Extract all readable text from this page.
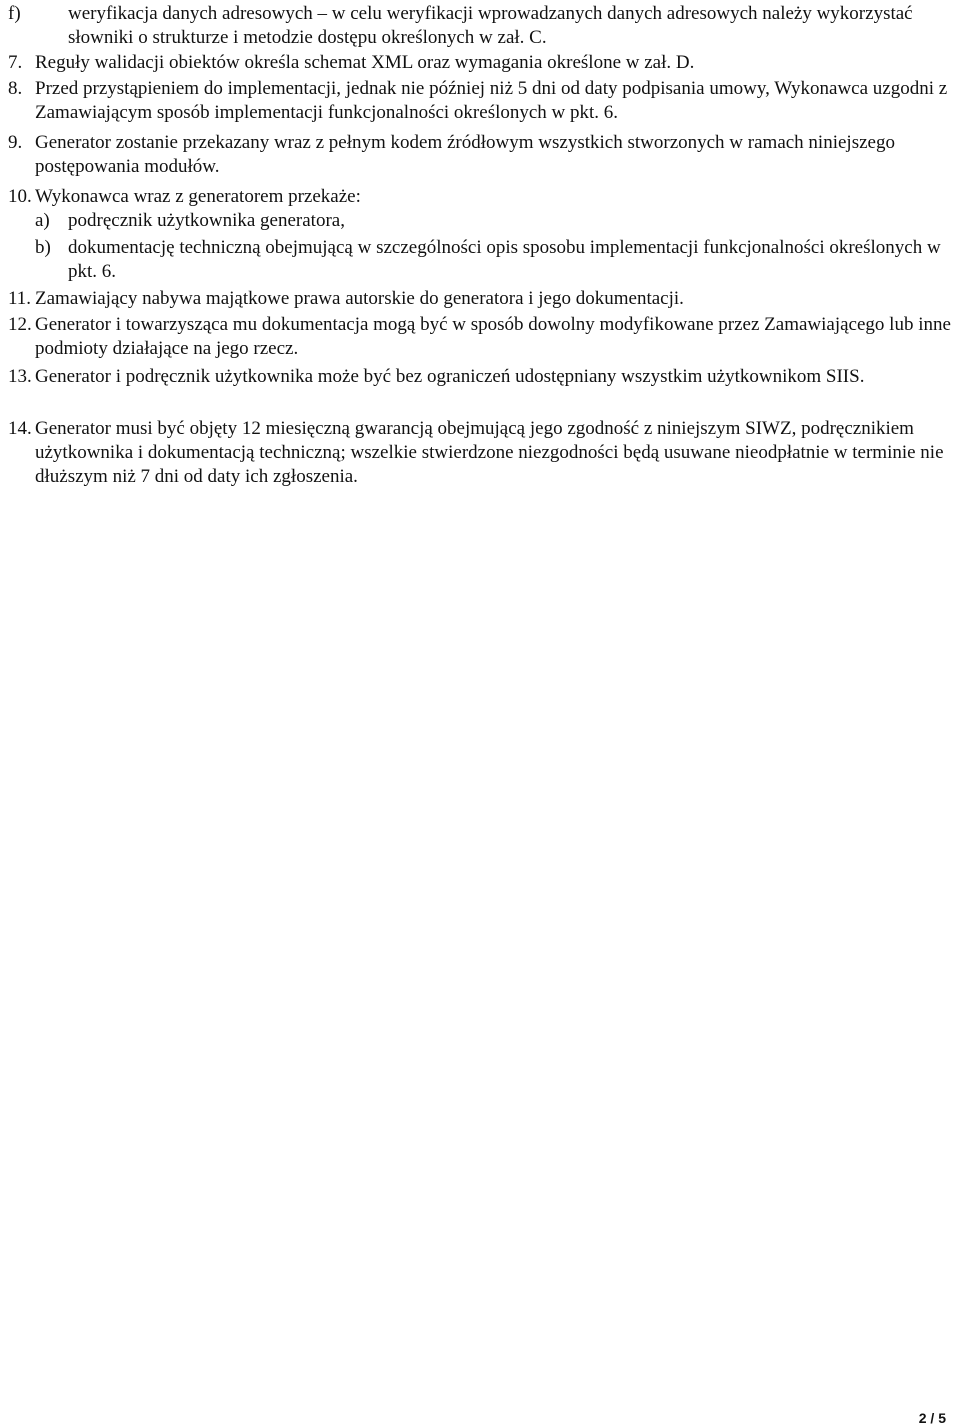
f) weryfikacja danych adresowych – w celu weryfikacji wprowadzanych danych adresowych należy wykorzystać słowniki o strukturze i metodzie dostępu określonych w zał. C.

7. Reguły walidacji obiektów określa schemat XML oraz wymagania określone w zał. D.

8. Przed przystąpieniem do implementacji, jednak nie później niż 5 dni od daty podpisania umowy, Wykonawca uzgodni z Zamawiającym sposób implementacji funkcjonalności określonych w pkt. 6.

9. Generator zostanie przekazany wraz z pełnym kodem źródłowym wszystkich stworzonych w ramach niniejszego postępowania modułów.

10. Wykonawca wraz z generatorem przekaże:

a) podręcznik użytkownika generatora,

b) dokumentację techniczną obejmującą w szczególności opis sposobu implementacji funkcjonalności określonych w pkt. 6.

11. Zamawiający nabywa majątkowe prawa autorskie do generatora i jego dokumentacji.

12. Generator i towarzysząca mu dokumentacja mogą być w sposób dowolny modyfikowane przez Zamawiającego lub inne podmioty działające na jego rzecz.

13. Generator i podręcznik użytkownika może być bez ograniczeń udostępniany wszystkim użytkownikom SIIS.

14. Generator musi być objęty 12 miesięczną gwarancją obejmującą jego zgodność z niniejszym SIWZ, podręcznikiem użytkownika i dokumentacją techniczną; wszelkie stwierdzone niezgodności będą usuwane nieodpłatnie w terminie nie dłuższym niż 7 dni od daty ich zgłoszenia.

2 / 5
